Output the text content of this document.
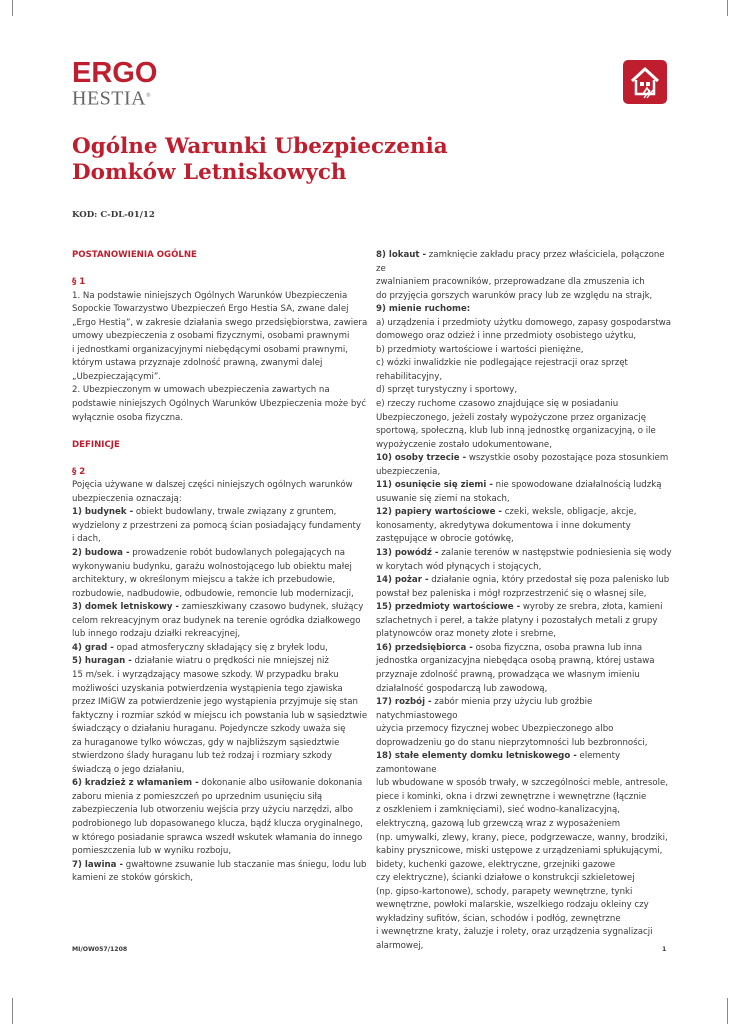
ERGO
HESTIA®
Ogólne Warunki Ubezpieczenia
Domków Letniskowych
KOD: C-DL-01/12

POSTANOWIENIA OGÓLNE

§ 1

1. Na podstawie niniejszych Ogólnych Warunków Ubezpieczenia

Sopockie Towarzystwo Ubezpieczeń Ergo Hestia SA, zwane dalej

„Ergo Hestią”, w zakresie działania swego przedsiębiorstwa, zawiera

umowy ubezpieczenia z osobami fizycznymi, osobami prawnymi

i jednostkami organizacyjnymi niebędącymi osobami prawnymi,

którym ustawa przyznaje zdolność prawną, zwanymi dalej

„Ubezpieczającymi”.

2. Ubezpieczonym w umowach ubezpieczenia zawartych na

podstawie niniejszych Ogólnych Warunków Ubezpieczenia może być

wyłącznie osoba fizyczna.

DEFINICJE

§ 2

Pojęcia używane w dalszej części niniejszych ogólnych warunków

ubezpieczenia oznaczają:

1) budynek - obiekt budowlany, trwale związany z gruntem,

wydzielony z przestrzeni za pomocą ścian posiadający fundamenty

i dach,

2) budowa - prowadzenie robót budowlanych polegających na

wykonywaniu budynku, garażu wolnostojącego lub obiektu małej

architektury, w określonym miejscu a także ich przebudowie,

rozbudowie, nadbudowie, odbudowie, remoncie lub modernizacji,

3) domek letniskowy - zamieszkiwany czasowo budynek, służący

celom rekreacyjnym oraz budynek na terenie ogródka działkowego

lub innego rodzaju działki rekreacyjnej,

4) grad - opad atmosferyczny składający się z bryłek lodu,

5) huragan - działanie wiatru o prędkości nie mniejszej niż

15 m/sek. i wyrządzający masowe szkody. W przypadku braku

możliwości uzyskania potwierdzenia wystąpienia tego zjawiska

przez IMiGW za potwierdzenie jego wystąpienia przyjmuje się stan

faktyczny i rozmiar szkód w miejscu ich powstania lub w sąsiedztwie

świadczący o działaniu huraganu. Pojedyncze szkody uważa się

za huraganowe tylko wówczas, gdy w najbliższym sąsiedztwie

stwierdzono ślady huraganu lub też rodzaj i rozmiary szkody

świadczą o jego działaniu,

6) kradzież z włamaniem - dokonanie albo usiłowanie dokonania

zaboru mienia z pomieszczeń po uprzednim usunięciu siłą

zabezpieczenia lub otworzeniu wejścia przy użyciu narzędzi, albo

podrobionego lub dopasowanego klucza, bądź klucza oryginalnego,

w którego posiadanie sprawca wszedł wskutek włamania do innego

pomieszczenia lub w wyniku rozboju,

7) lawina - gwałtowne zsuwanie lub staczanie mas śniegu, lodu lub

kamieni ze stoków górskich,

8) lokaut - zamknięcie zakładu pracy przez właściciela, połączone ze

zwalnianiem pracowników, przeprowadzane dla zmuszenia ich

do przyjęcia gorszych warunków pracy lub ze względu na strajk,

9) mienie ruchome:

a) urządzenia i przedmioty użytku domowego, zapasy gospodarstwa

domowego oraz odzież i inne przedmioty osobistego użytku,

b) przedmioty wartościowe i wartości pieniężne,

c) wózki inwalidzkie nie podlegające rejestracji oraz sprzęt

rehabilitacyjny,

d) sprzęt turystyczny i sportowy,

e) rzeczy ruchome czasowo znajdujące się w posiadaniu

Ubezpieczonego, jeżeli zostały wypożyczone przez organizację

sportową, społeczną, klub lub inną jednostkę organizacyjną, o ile

wypożyczenie zostało udokumentowane,

10) osoby trzecie - wszystkie osoby pozostające poza stosunkiem

ubezpieczenia,

11) osunięcie się ziemi - nie spowodowane działalnością ludzką

usuwanie się ziemi na stokach,

12) papiery wartościowe - czeki, weksle, obligacje, akcje,

konosamenty, akredytywa dokumentowa i inne dokumenty

zastępujące w obrocie gotówkę,

13) powódź - zalanie terenów w następstwie podniesienia się wody

w korytach wód płynących i stojących,

14) pożar - działanie ognia, który przedostał się poza palenisko lub

powstał bez paleniska i mógł rozprzestrzenić się o własnej sile,

15) przedmioty wartościowe - wyroby ze srebra, złota, kamieni

szlachetnych i pereł, a także platyny i pozostałych metali z grupy

platynowców oraz monety złote i srebrne,

16) przedsiębiorca - osoba fizyczna, osoba prawna lub inna

jednostka organizacyjna niebędąca osobą prawną, której ustawa

przyznaje zdolność prawną, prowadząca we własnym imieniu

działalność gospodarczą lub zawodową,

17) rozbój - zabór mienia przy użyciu lub groźbie natychmiastowego

użycia przemocy fizycznej wobec Ubezpieczonego albo

doprowadzeniu go do stanu nieprzytomności lub bezbronności,

18) stałe elementy domku letniskowego - elementy zamontowane

lub wbudowane w sposób trwały, w szczególności meble, antresole,

piece i kominki, okna i drzwi zewnętrzne i wewnętrzne (łącznie

z oszkleniem i zamknięciami), sieć wodno-kanalizacyjną,

elektryczną, gazową lub grzewczą wraz z wyposażeniem

(np. umywalki, zlewy, krany, piece, podgrzewacze, wanny, brodziki,

kabiny prysznicowe, miski ustępowe z urządzeniami spłukującymi,

bidety, kuchenki gazowe, elektryczne, grzejniki gazowe

czy elektryczne), ścianki działowe o konstrukcji szkieletowej

(np. gipso-kartonowe), schody, parapety wewnętrzne, tynki

wewnętrzne, powłoki malarskie, wszelkiego rodzaju okleiny czy

wykładziny sufitów, ścian, schodów i podłóg, zewnętrzne

i wewnętrzne kraty, żaluzje i rolety, oraz urządzenia sygnalizacji

alarmowej,

MI/OW057/1208	1
